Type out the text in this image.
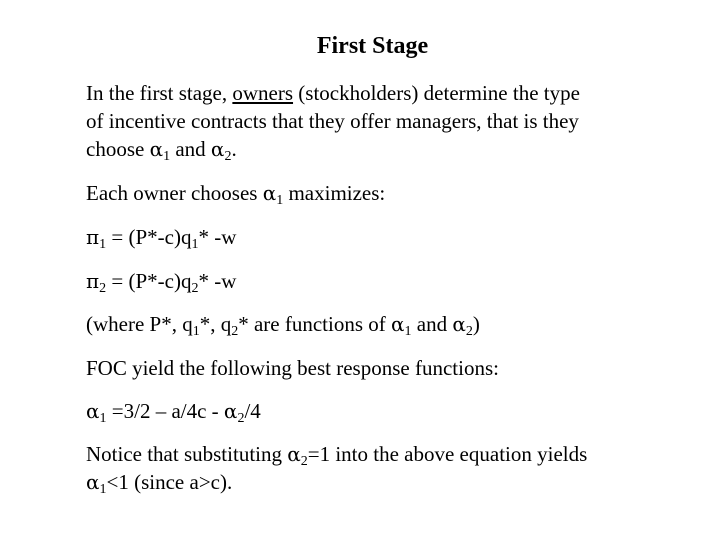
First Stage
In the first stage, owners (stockholders) determine the type
of incentive contracts that they offer managers, that is they
choose $\alpha_1$ and $\alpha_2$.
Each owner chooses $\alpha_1$ maximizes:
$\pi_1 = (P*-c)q_1*$ -w
$\pi_2 = (P*-c)q_2*$ -w
(where P*, $q_1*$, $q_2*$ are functions of $\alpha_1$ and $\alpha_2$)
FOC yield the following best response functions:
$\alpha_1 =3/2 - a/4c - \alpha_2/4$
Notice that substituting $\alpha_2=1$ into the above equation yields
$\alpha_1<1$ (since a>c).
